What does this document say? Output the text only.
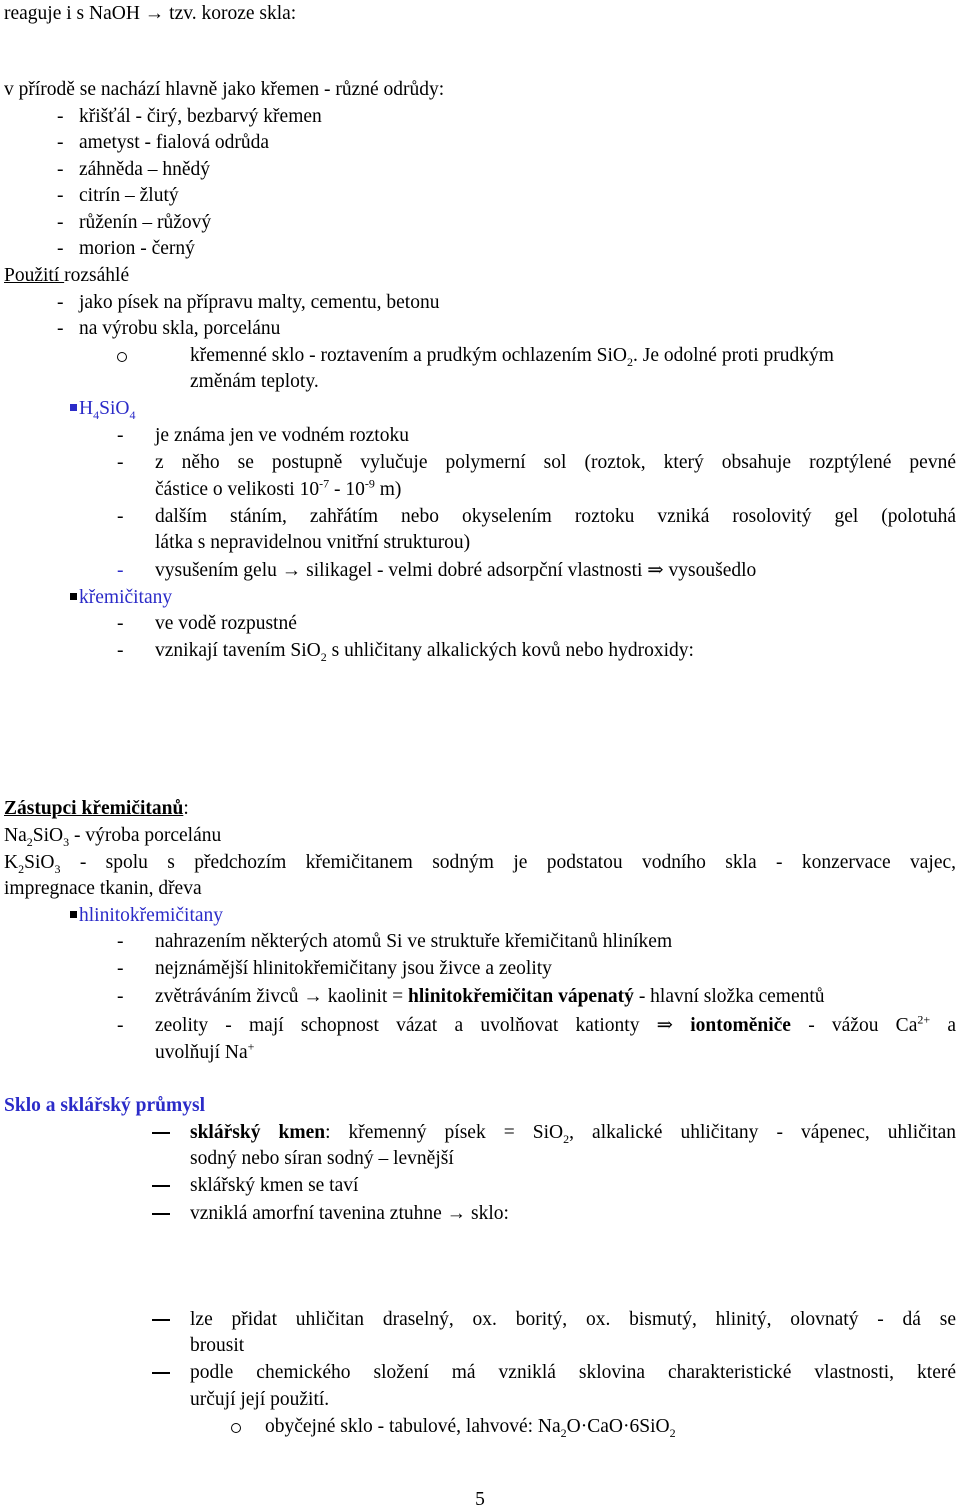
reaguje i s NaOH → tzv. koroze skla:
v přírodě se nachází hlavně jako křemen - různé odrůdy:
- křišťál - čirý, bezbarvý křemen
- ametyst - fialová odrůda
- záhněda – hnědý
- citrín – žlutý
- růženín – růžový
- morion - černý
Použití rozsáhlé
- jako písek na přípravu malty, cementu, betonu
- na výrobu skla, porcelánu
křemenné sklo - roztavením a prudkým ochlazením SiO$_2$. Je odolné proti prudkým
změnám teploty.
$H_4SiO_4$
- je známa jen ve vodném roztoku
- z něho se postupně vylučuje polymerní sol (roztok, který obsahuje rozptýlené pevné
částice o velikosti $10^{-7} - 10^{-9}$ m)
- dalším stáním, zahřátím nebo okyselením roztoku vzniká rosolovitý gel (polotuhá
látka s nepravidelnou vnitřní strukturou)
- vysušením gelu → silikagel - velmi dobré adsorpční vlastnosti ⇒ vysoušedlo
křemičitany
- ve vodě rozpustné
- vznikají tavením SiO$_2$ s uhličitany alkalických kovů nebo hydroxidy:
Zástupci křemičitanů:
$Na_2SiO_3$ - výroba porcelánu
$K_2SiO_3$ - spolu s předchozím křemičitanem sodným je podstatou vodního skla - konzervace vajec,
impregnace tkanin, dřeva
hlinitokřemičitany
- nahrazením některých atomů Si ve struktuře křemičitanů hliníkem
- nejznámější hlinitokřemičitany jsou živce a zeolity
- zvětráváním živců → kaolinit = hlinitokřemičitan vápenatý - hlavní složka cementů
- zeolity - mají schopnost vázat a uvolňovat kationty ⇒ iontoměniče - vážou $Ca^{2+}$ a
uvolňují Na+
Sklo a sklářský průmysl
sklářský kmen: křemenný písek = SiO$_2$, alkalické uhličitany - vápenec, uhličitan
sodný nebo síran sodný – levnější
sklářský kmen se taví
vzniklá amorfní tavenina ztuhne → sklo:
lze přidat uhličitan draselný, ox. boritý, ox. bismutý, hlinitý, olovnatý - dá se
brousit
podle chemického složení má vzniklá sklovina charakteristické vlastnosti, které
určují její použití.
obyčejné sklo - tabulové, lahvové: $Na_2O\cdot CaO\cdot 6SiO_2$
5
